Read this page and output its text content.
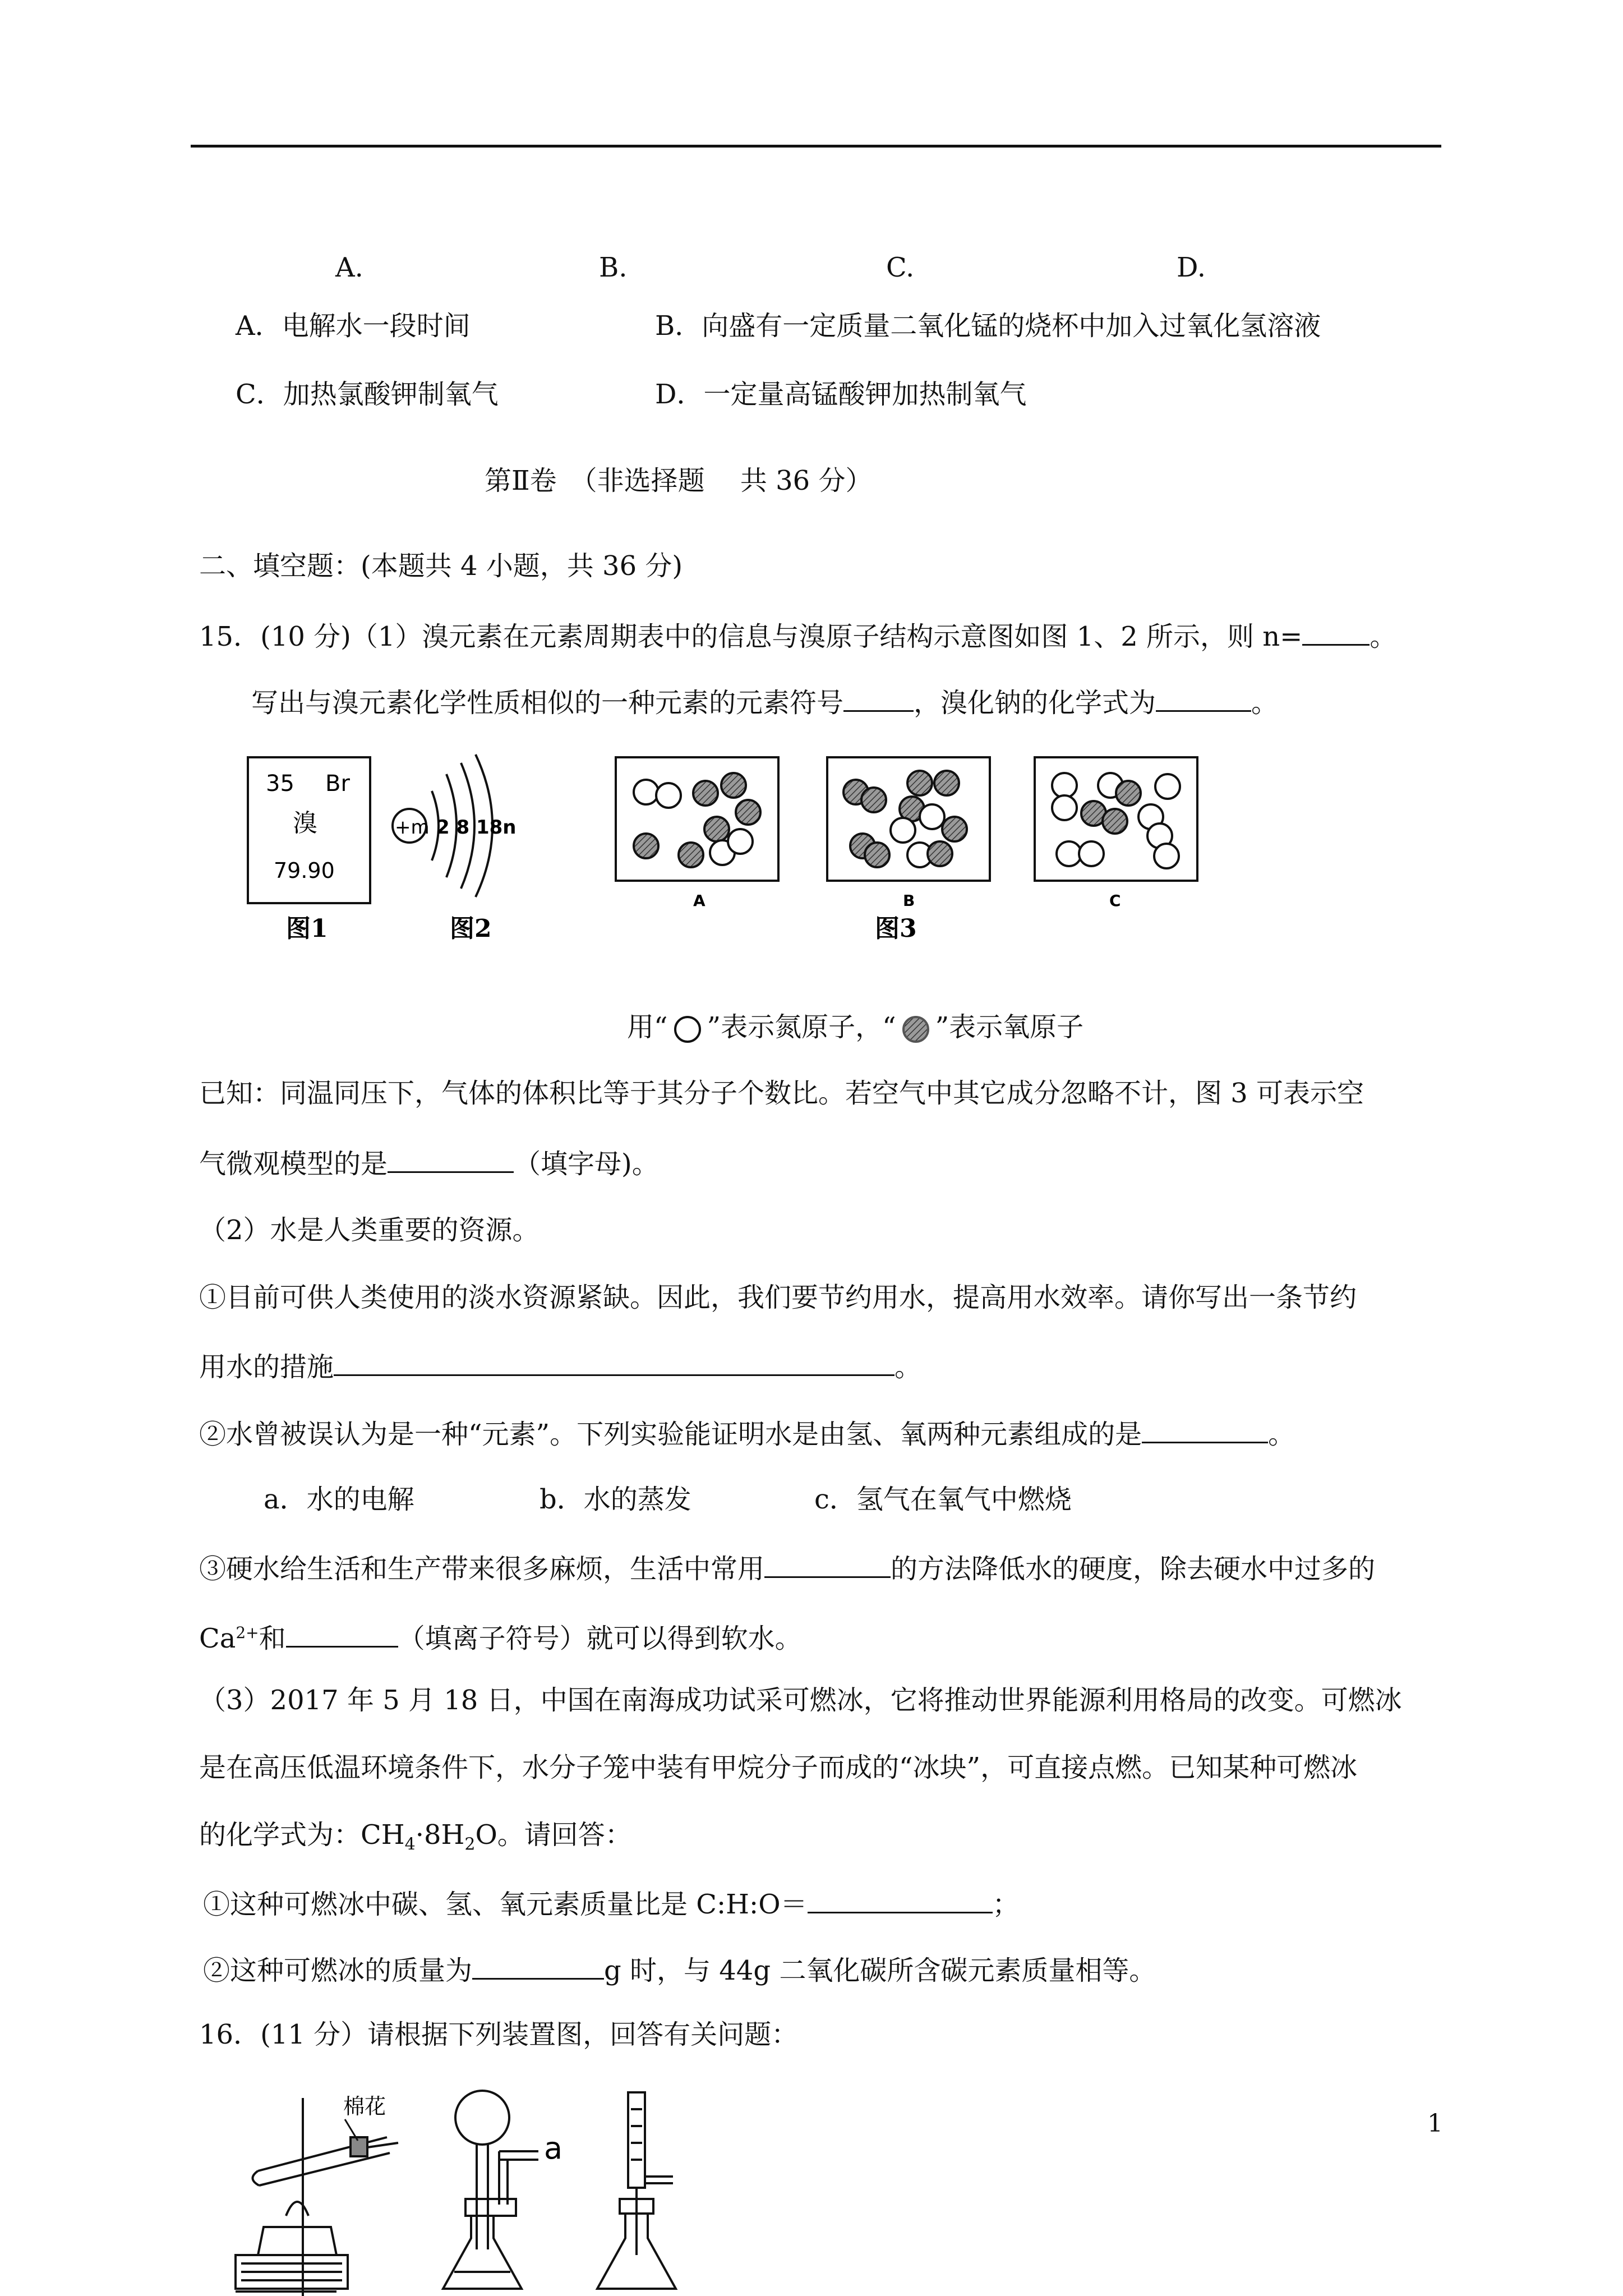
A.	B.	C.	D.
A．电解水一段时间	B．向盛有一定质量二氧化锰的烧杯中加入过氧化氢溶液
C．加热氯酸钾制氧气	D．一定量高锰酸钾加热制氧气
第Ⅱ卷　（非选择题　 共 36 分）
二、填空题：(本题共 4 小题，共 36 分)
15．(10 分)（1）溴元素在元素周期表中的信息与溴原子结构示意图如图 1、2 所示，则 n=	。
写出与溴元素化学性质相似的一种元素的元素符号	，溴化钠的化学式为	。
35 Br
溴
79.90
图1
+m 2 8 18n
图2
A	B	C
图3
用“ ”表示氮原子，“ ”表示氧原子
已知：同温同压下，气体的体积比等于其分子个数比。若空气中其它成分忽略不计，图 3 可表示空
气微观模型的是	（填字母)。
（2）水是人类重要的资源。
①目前可供人类使用的淡水资源紧缺。因此，我们要节约用水，提高用水效率。请你写出一条节约
用水的措施	。
②水曾被误认为是一种“元素”。下列实验能证明水是由氢、氧两种元素组成的是	。
a．水的电解	b．水的蒸发	c．氢气在氧气中燃烧
③硬水给生活和生产带来很多麻烦，生活中常用	的方法降低水的硬度，除去硬水中过多的
$Ca^{2+}$和	（填离子符号）就可以得到软水。
（3）2017 年 5 月 18 日，中国在南海成功试采可燃冰，它将推动世界能源利用格局的改变。可燃冰
是在高压低温环境条件下，水分子笼中装有甲烷分子而成的“冰块”，可直接点燃。已知某种可燃冰
的化学式为：$CH_4\cdot 8H_2O$。请回答：
①这种可燃冰中碳、氢、氧元素质量比是 C:H:O＝	；
②这种可燃冰的质量为	g 时，与 44g 二氧化碳所含碳元素质量相等。
16．(11 分）请根据下列装置图，回答有关问题：
棉花
a
1
